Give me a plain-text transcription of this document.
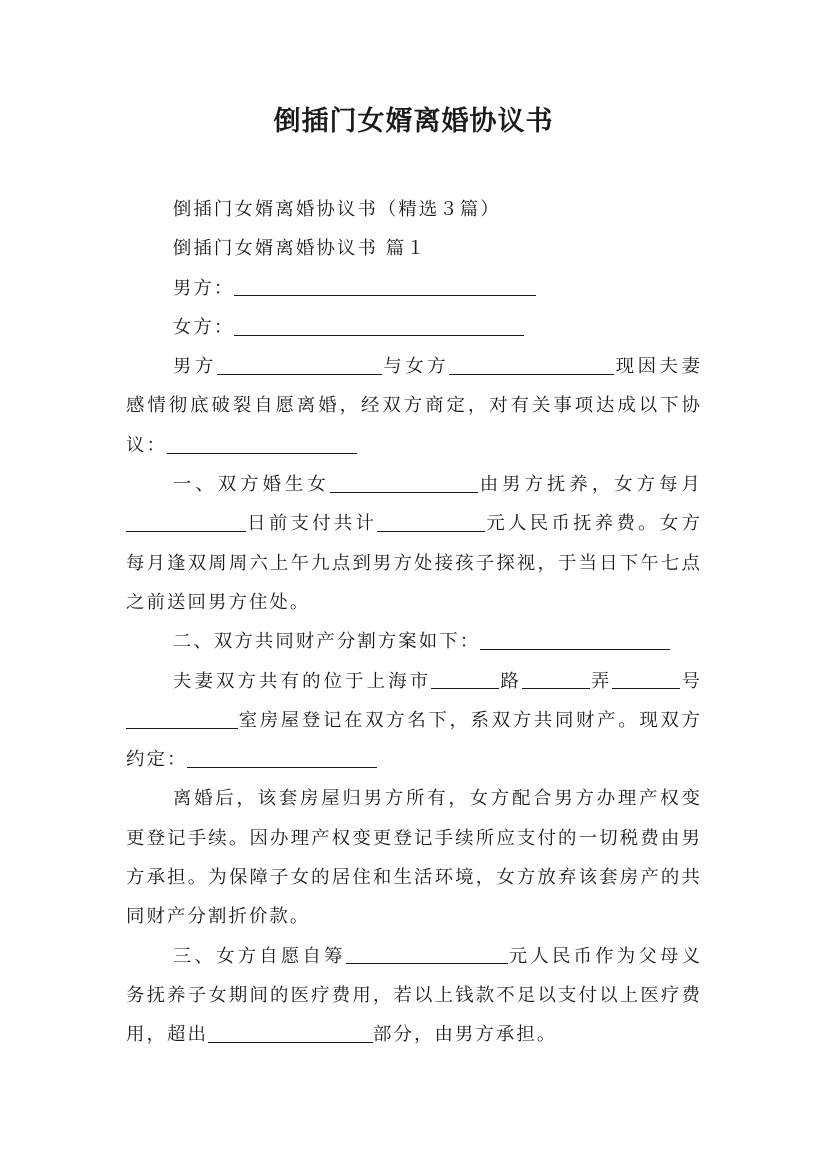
倒插门女婿离婚协议书

倒插门女婿离婚协议书（精选３篇）

倒插门女婿离婚协议书 篇１

男方：

女方：

男方	与女方	现因夫妻感情彻底破裂自愿离婚，经双方商定，对有关事项达成以下协议：

一、双方婚生女	由男方抚养，女方每月日前支付共计	元人民币抚养费。女方每月逢双周周六上午九点到男方处接孩子探视，于当日下午七点之前送回男方住处。

二、双方共同财产分割方案如下：

夫妻双方共有的位于上海市	路	弄	号室房屋登记在双方名下，系双方共同财产。现双方约定：

离婚后，该套房屋归男方所有，女方配合男方办理产权变更登记手续。因办理产权变更登记手续所应支付的一切税费由男方承担。为保障子女的居住和生活环境，女方放弃该套房产的共同财产分割折价款。

三、女方自愿自筹	元人民币作为父母义务抚养子女期间的医疗费用，若以上钱款不足以支付以上医疗费用，超出	部分，由男方承担。
